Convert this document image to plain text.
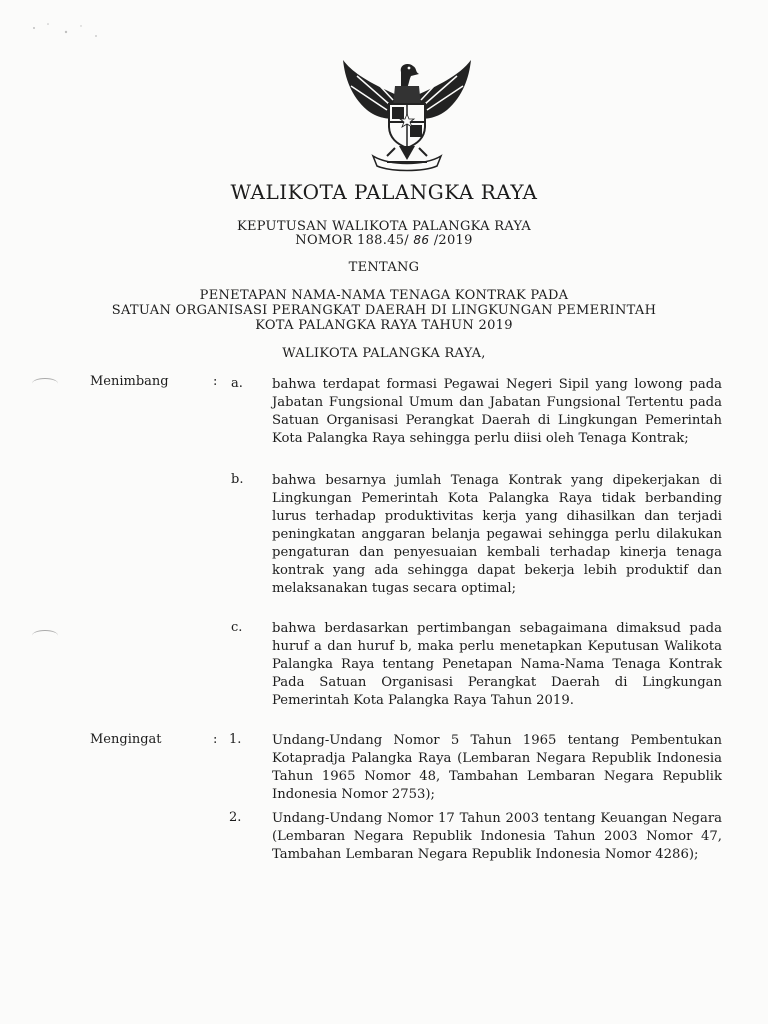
WALIKOTA PALANGKA RAYA
KEPUTUSAN WALIKOTA PALANGKA RAYA
NOMOR 188.45/ 86 /2019
TENTANG
PENETAPAN NAMA-NAMA TENAGA KONTRAK PADA
SATUAN ORGANISASI PERANGKAT DAERAH DI LINGKUNGAN PEMERINTAH
KOTA PALANGKA RAYA TAHUN 2019
WALIKOTA PALANGKA RAYA,
Menimbang	: a. bahwa terdapat formasi Pegawai Negeri Sipil yang lowong pada Jabatan Fungsional Umum dan Jabatan Fungsional Tertentu pada Satuan Organisasi Perangkat Daerah di Lingkungan Pemerintah Kota Palangka Raya sehingga perlu diisi oleh Tenaga Kontrak;

b. bahwa besarnya jumlah Tenaga Kontrak yang dipekerjakan di Lingkungan Pemerintah Kota Palangka Raya tidak berbanding lurus terhadap produktivitas kerja yang dihasilkan dan terjadi peningkatan anggaran belanja pegawai sehingga perlu dilakukan pengaturan dan penyesuaian kembali terhadap kinerja tenaga kontrak yang ada sehingga dapat bekerja lebih produktif dan melaksanakan tugas secara optimal;

c. bahwa berdasarkan pertimbangan sebagaimana dimaksud pada huruf a dan huruf b, maka perlu menetapkan Keputusan Walikota Palangka Raya tentang Penetapan Nama-Nama Tenaga Kontrak Pada Satuan Organisasi Perangkat Daerah di Lingkungan Pemerintah Kota Palangka Raya Tahun 2019.

Mengingat	: 1. Undang-Undang Nomor 5 Tahun 1965 tentang Pembentukan Kotapradja Palangka Raya (Lembaran Negara Republik Indonesia Tahun 1965 Nomor 48, Tambahan Lembaran Negara Republik Indonesia Nomor 2753);

2. Undang-Undang Nomor 17 Tahun 2003 tentang Keuangan Negara (Lembaran Negara Republik Indonesia Tahun 2003 Nomor 47, Tambahan Lembaran Negara Republik Indonesia Nomor 4286);
